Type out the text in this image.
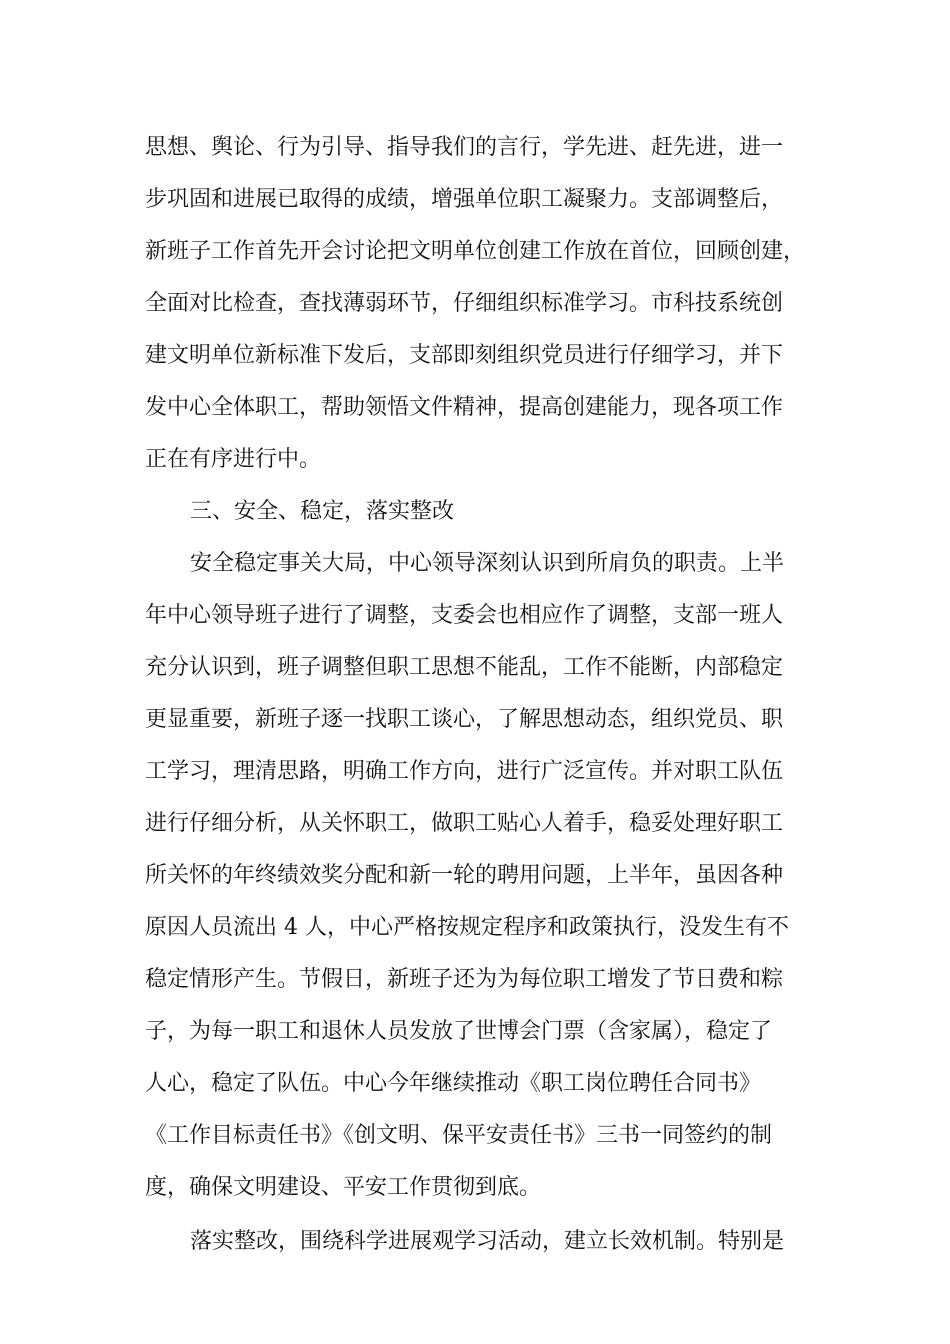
思想、舆论、行为引导、指导我们的言行，学先进、赶先进，进一
步巩固和进展已取得的成绩，增强单位职工凝聚力。支部调整后，
新班子工作首先开会讨论把文明单位创建工作放在首位，回顾创建，
全面对比检查，查找薄弱环节，仔细组织标准学习。市科技系统创
建文明单位新标准下发后，支部即刻组织党员进行仔细学习，并下
发中心全体职工，帮助领悟文件精神，提高创建能力，现各项工作
正在有序进行中。
三、安全、稳定，落实整改
安全稳定事关大局，中心领导深刻认识到所肩负的职责。上半
年中心领导班子进行了调整，支委会也相应作了调整，支部一班人
充分认识到，班子调整但职工思想不能乱，工作不能断，内部稳定
更显重要，新班子逐一找职工谈心，了解思想动态，组织党员、职
工学习，理清思路，明确工作方向，进行广泛宣传。并对职工队伍
进行仔细分析，从关怀职工，做职工贴心人着手，稳妥处理好职工
所关怀的年终绩效奖分配和新一轮的聘用问题，上半年，虽因各种
原因人员流出 4 人，中心严格按规定程序和政策执行，没发生有不
稳定情形产生。节假日，新班子还为为每位职工增发了节日费和粽
子，为每一职工和退休人员发放了世博会门票（含家属），稳定了
人心，稳定了队伍。中心今年继续推动《职工岗位聘任合同书》
《工作目标责任书》《创文明、保平安责任书》三书一同签约的制
度，确保文明建设、平安工作贯彻到底。
落实整改，围绕科学进展观学习活动，建立长效机制。特别是
